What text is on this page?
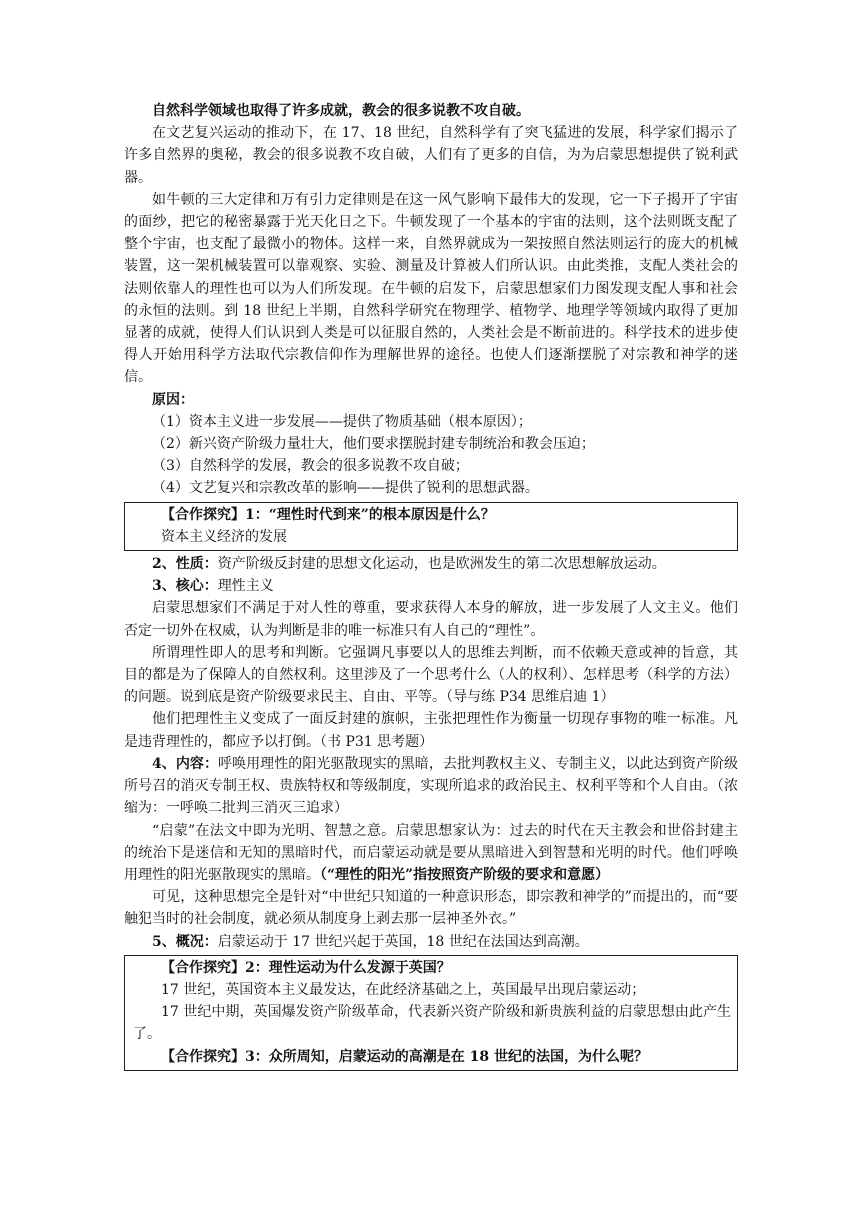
自然科学领域也取得了许多成就，教会的很多说教不攻自破。

在文艺复兴运动的推动下，在 17、18 世纪，自然科学有了突飞猛进的发展，科学家们揭示了许多自然界的奥秘，教会的很多说教不攻自破，人们有了更多的自信，为为启蒙思想提供了锐利武器。

如牛顿的三大定律和万有引力定律则是在这一风气影响下最伟大的发现，它一下子揭开了宇宙的面纱，把它的秘密暴露于光天化日之下。牛顿发现了一个基本的宇宙的法则，这个法则既支配了整个宇宙，也支配了最微小的物体。这样一来，自然界就成为一架按照自然法则运行的庞大的机械装置，这一架机械装置可以靠观察、实验、测量及计算被人们所认识。由此类推，支配人类社会的法则依靠人的理性也可以为人们所发现。在牛顿的启发下，启蒙思想家们力图发现支配人事和社会的永恒的法则。到 18 世纪上半期，自然科学研究在物理学、植物学、地理学等领域内取得了更加显著的成就，使得人们认识到人类是可以征服自然的，人类社会是不断前进的。科学技术的进步使得人开始用科学方法取代宗教信仰作为理解世界的途径。也使人们逐渐摆脱了对宗教和神学的迷信。

原因：

（1）资本主义进一步发展——提供了物质基础（根本原因）；

（2）新兴资产阶级力量壮大，他们要求摆脱封建专制统治和教会压迫；

（3）自然科学的发展，教会的很多说教不攻自破；

（4）文艺复兴和宗教改革的影响——提供了锐利的思想武器。

【合作探究】1：“理性时代到来”的根本原因是什么？

资本主义经济的发展

2、性质：资产阶级反封建的思想文化运动，也是欧洲发生的第二次思想解放运动。

3、核心：理性主义

启蒙思想家们不满足于对人性的尊重，要求获得人本身的解放，进一步发展了人文主义。他们否定一切外在权威，认为判断是非的唯一标准只有人自己的“理性”。

所谓理性即人的思考和判断。它强调凡事要以人的思维去判断，而不依赖天意或神的旨意，其目的都是为了保障人的自然权利。这里涉及了一个思考什么（人的权利）、怎样思考（科学的方法）的问题。说到底是资产阶级要求民主、自由、平等。（导与练 P34 思维启迪 1）

他们把理性主义变成了一面反封建的旗帜，主张把理性作为衡量一切现存事物的唯一标准。凡是违背理性的，都应予以打倒。（书 P31 思考题）

4、内容：呼唤用理性的阳光驱散现实的黑暗，去批判教权主义、专制主义，以此达到资产阶级所号召的消灭专制王权、贵族特权和等级制度，实现所追求的政治民主、权利平等和个人自由。（浓缩为：一呼唤二批判三消灭三追求）

“启蒙”在法文中即为光明、智慧之意。启蒙思想家认为：过去的时代在天主教会和世俗封建主的统治下是迷信和无知的黑暗时代，而启蒙运动就是要从黑暗进入到智慧和光明的时代。他们呼唤用理性的阳光驱散现实的黑暗。（“理性的阳光”指按照资产阶级的要求和意愿）

可见，这种思想完全是针对“中世纪只知道的一种意识形态，即宗教和神学的”而提出的，而“要触犯当时的社会制度，就必须从制度身上剥去那一层神圣外衣。”

5、概况：启蒙运动于 17 世纪兴起于英国，18 世纪在法国达到高潮。

【合作探究】2：理性运动为什么发源于英国？

17 世纪，英国资本主义最发达，在此经济基础之上，英国最早出现启蒙运动；

17 世纪中期，英国爆发资产阶级革命，代表新兴资产阶级和新贵族利益的启蒙思想由此产生了。

【合作探究】3：众所周知，启蒙运动的高潮是在 18 世纪的法国，为什么呢？
